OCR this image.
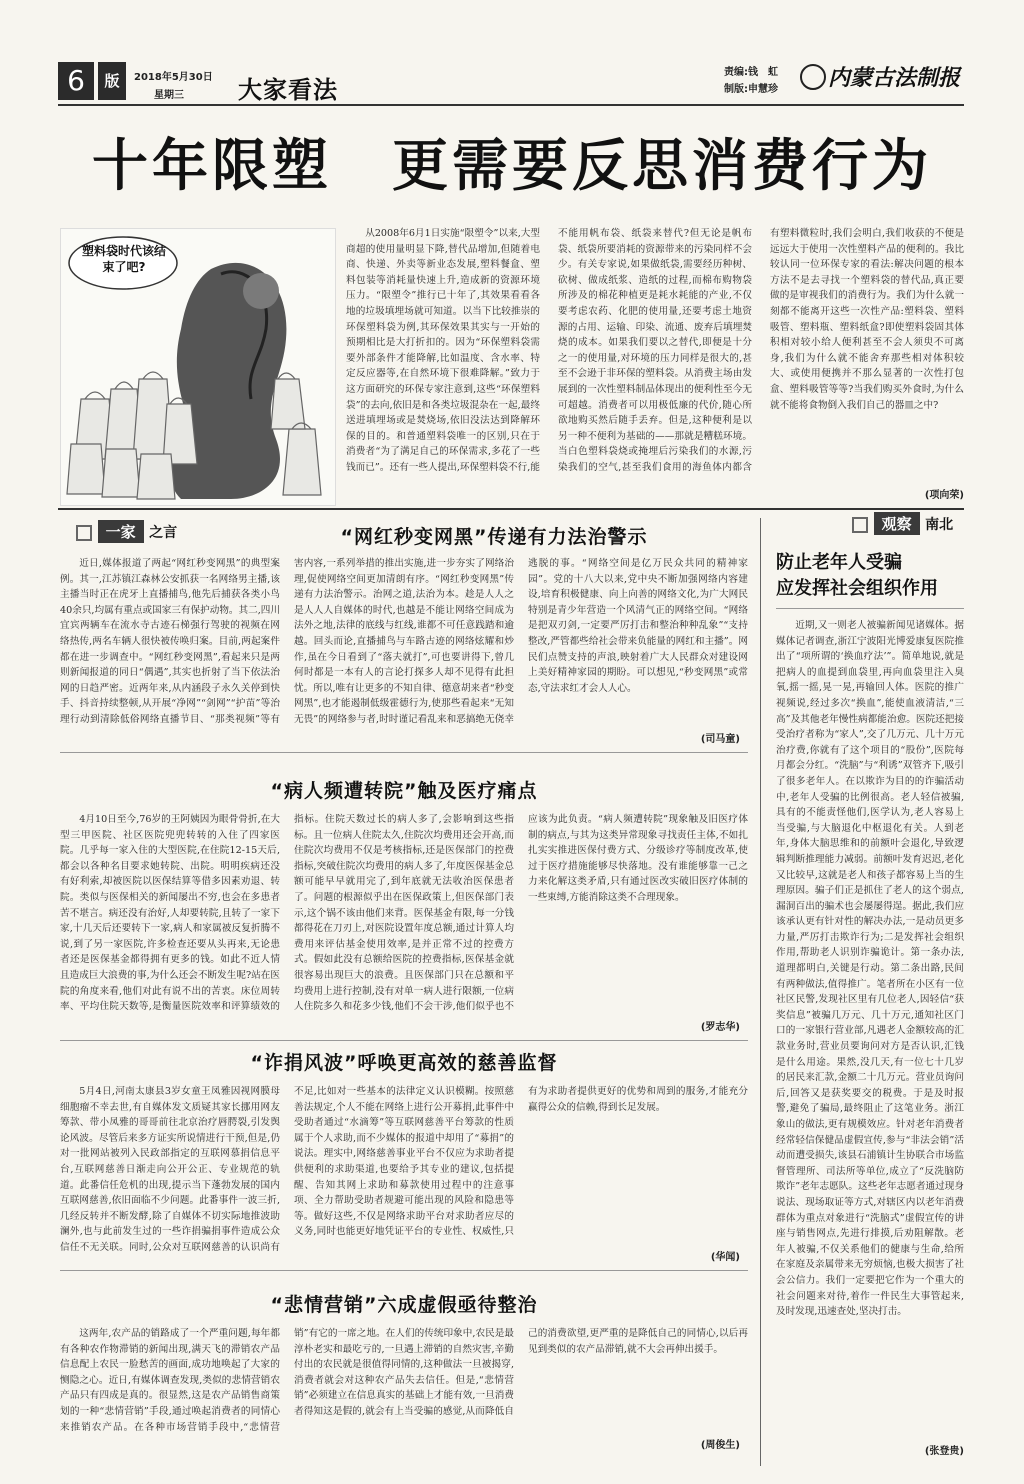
6	版	2018年5月30日
星期三 大家看法
责编:钱　虹
制版:申慧珍 内蒙古法制报
十年限塑　更需要反思消费行为
塑料袋时代该结束了吧?

从2008年6月1日实施“限塑令”以来,大型商超的使用量明显下降,替代品增加,但随着电商、快递、外卖等新业态发展,塑料餐盒、塑料包装等消耗量快速上升,造成新的资源环境压力。“限塑令”推行已十年了,其效果看看各地的垃圾填埋场就可知道。以当下比较推崇的环保塑料袋为例,其环保效果其实与一开始的预期相比是大打折扣的。因为“环保塑料袋需要外部条件才能降解,比如温度、含水率、特定反应器等,在自然环境下很难降解。”致力于这方面研究的环保专家注意到,这些“环保塑料袋”的去向,依旧是和各类垃圾混杂在一起,最终送进填埋场或是焚烧场,依旧没法达到降解环保的目的。和普通塑料袋唯一的区别,只在于消费者“为了满足自己的环保需求,多花了一些钱而已”。还有一些人提出,环保塑料袋不行,能不能用帆布袋、纸袋来替代?但无论是帆布袋、纸袋所要消耗的资源带来的污染同样不会少。有关专家说,如果做纸袋,需要经历种树、砍树、做成纸浆、造纸的过程,而棉布购物袋所涉及的棉花种植更是耗水耗能的产业,不仅要考虑农药、化肥的使用量,还要考虑土地资源的占用、运输、印染、流通、废弃后填埋焚烧的成本。如果我们要以之替代,即便是十分之一的使用量,对环境的压力同样是很大的,甚至不会逊于非环保的塑料袋。从消费主场由发展到的一次性塑料制品体现出的便利性至今无可超越。消费者可以用极低廉的代价,随心所欲地购买然后随手丢弃。但是,这种便利是以另一种不便利为基础的——那就是糟糕环境。当白色塑料袋烧或掩埋后污染我们的水源,污染我们的空气,甚至我们食用的海鱼体内都含有塑料微粒时,我们会明白,我们收获的不便是远远大于使用一次性塑料产品的便利的。我比较认同一位环保专家的看法:解决问题的根本方法不是去寻找一个塑料袋的替代品,真正要做的是审视我们的消费行为。我们为什么就一刻都不能离开这些一次性产品:塑料袋、塑料吸管、塑料瓶、塑料纸盒?即使塑料袋固其体积相对较小给人便利甚至不会人须臾不可离身,我们为什么就不能舍弃那些相对体积较大、或使用便携并不那么显著的一次性打包盒、塑料吸管等等?当我们购买外食时,为什么就不能将食物倒入我们自己的器皿之中?

(项向荣)
一家 之言	“网红秒变网黑”传递有力法治警示

近日,媒体报道了两起“网红秒变网黑”的典型案例。其一,江苏镇江森林公安抓获一名网络男主播,该主播当时正在虎牙上直播捕鸟,他先后捕获各类小鸟40余只,均属有重点或国家三有保护动物。其二,四川宜宾两辆车在流水寺古迹石梯强行驾驶的视频在网络热传,两名车辆人很快被传唤归案。目前,两起案件都在进一步调查中。“网红秒变网黑”,看起来只是两则新闻报道的同日“偶遇”,其实也折射了当下依法治网的日趋严密。近两年来,从内涵段子永久关停到快手、抖音持续整顿,从开展“净网”“剑网”“护苗”等治理行动到清除低俗网络直播节目、“那类视频”等有害内容,一系列举措的推出实施,进一步夯实了网络治理,促使网络空间更加清朗有序。“网红秒变网黑”传递有力法治警示。治网之道,法治为本。趁是人人之是人人人自媒体的时代,也越是不能让网络空间成为法外之地,法律的底线与红线,谁都不可任意践踏和逾越。回头而论,直播捕鸟与车路古迹的网络炫耀和炒作,虽在今日看到了“落夫就打”,可也要讲得下,曾几何时都是一本有人的言论打探多人却不见得有此担忧。所以,唯有让更多的不知自律、德意胡来者“秒变网黑”,也才能遏制低级霍德行为,使那些看起来“无知无畏”的网络参与者,时时谨记看乱来和恶搞绝无侥幸逃脱的事。“网络空间是亿万民众共同的精神家园”。党的十八大以来,党中央不断加强网络内容建设,培育积极健康、向上向善的网络文化,为广大网民特别是青少年营造一个风清气正的网络空间。“网络是把双刃剑,一定要严厉打击和整治种种乱象”“支持整改,严管都些给社会带来负能量的网红和主播”。网民们点赞支持的声浪,映射着广大人民群众对建设网上美好精神家园的期盼。可以想见,“秒变网黑”或常态,守法求红才会人人心。

(司马童)
“病人频遭转院”触及医疗痛点

4月10日至今,76岁的王阿姨因为眼骨骨折,在大型三甲医院、社区医院兜兜转转的入住了四家医院。几乎每一家入住的大型医院,在住院12-15天后,都会以各种名目要求她转院、出院。明明疾病还没有好利索,却被医院以医保结算等借多因素劝退、转院。类似与医保相关的新闻屡出不穷,也会在多患者苦不堪言。病还没有治好,人却要转院,且转了一家下家,十几天后还要转下一家,病人和家属被反复折腾不说,到了另一家医院,许多检查还要从头再来,无论患者还是医保基金都得拥有更多的钱。如此不近人情且造成巨大浪费的事,为什么还会不断发生呢?站在医院的角度来看,他们对此有说不出的苦衷。床位周转率、平均住院天数等,是衡量医院效率和评算绩效的指标。住院天数过长的病人多了,会影响到这些指标。且一位病人住院太久,住院次均费用还会开高,而住院次均费用不仅是考核指标,还是医保部门的控费指标,突破住院次均费用的病人多了,年度医保基金总额可能早早就用完了,到年底就无法收治医保患者了。问题的根源似乎出在医保政策上,但医保部门表示,这个锅不该由他们来背。医保基金有限,每一分钱都得花在刀刃上,对医院设置年度总额,通过计算人均费用来评估基金使用效率,是并正常不过的控费方式。假如此没有总额给医院的控费指标,医保基金就很容易出现巨大的浪费。且医保部门只在总额和平均费用上进行控制,没有对单一病人进行限额,一位病人住院多久和花多少钱,他们不会干涉,他们似乎也不应该为此负责。“病人频遭转院”现象触及旧医疗体制的病点,与其为这类异常现象寻找责任主体,不如扎扎实实推进医保付费方式、分级诊疗等制度改革,使过于医疗措施能够尽快落地。没有谁能够靠一己之力来化解这类矛盾,只有通过医改实破旧医疗体制的一些束缚,方能消除这类不合理现象。

(罗志华)
“诈捐风波”呼唤更高效的慈善监督

5月4日,河南太康县3岁女童王凤雅因视网膜母细胞瘤不幸去世,有自媒体发文质疑其家长挪用网友筹款、带小凤雅的哥哥前往北京治疗唇腭裂,引发舆论风波。尽管后来多方证实所说情进行干预,但是,仍对一批网站被列入民政部指定的互联网慕捐信息平台,互联网慈善日渐走向公开公正、专业规范的轨道。此番信任危机的出现,提示当下蓬勃发展的国内互联网慈善,依旧面临不少问题。此番事件一波三折,几经反转并不断发酵,除了自媒体不切实际地推波助澜外,也与此前发生过的一些诈捐骗捐事件造成公众信任不无关联。同时,公众对互联网慈善的认识尚有不足,比如对一些基本的法律定义认识模糊。按照慈善法规定,个人不能在网络上进行公开募捐,此事件中受助者通过“水滴筹”等互联网慈善平台筹款的性质属于个人求助,而不少媒体的报道中却用了“募捐”的说法。理实中,网络慈善事业平台不仅应为求助者提供便利的求助渠道,也要给予其专业的建议,包括提醒、告知其网上求助和募款使用过程中的注意事项、全力帮助受助者规避可能出现的风险和隐患等等。做好这些,不仅是网络求助平台对求助者应尽的义务,同时也能更好地凭证平台的专业性、权威性,只有为求助者提供更好的优势和周到的服务,才能充分赢得公众的信赖,得到长足发展。

(华闻)
“悲情营销”六成虚假亟待整治

这两年,农产品的销路成了一个严重问题,每年都有各种农作物滞销的新闻出现,满天飞的滞销农产品信息配上农民一脸愁苦的画面,成功地唤起了大家的恻隐之心。近日,有媒体调查发现,类似的悲情营销农产品只有四成是真的。很显然,这是农产品销售商策划的一种“悲情营销”手段,通过唤起消费者的同情心来推销农产品。在各种市场营销手段中,“悲情营销”有它的一席之地。在人们的传统印象中,农民是最淳朴老实和最吃亏的,一旦遇上滞销的自然灾害,辛勤付出的农民就是很值得同情的,这种做法一旦被揭穿,消费者就会对这种农产品失去信任。但是,“悲情营销”必须建立在信息真实的基础上才能有效,一旦消费者得知这是假的,就会有上当受骗的感觉,从而降低自己的消费欲望,更严重的是降低自己的同情心,以后再见到类似的农产品滞销,就不大会再伸出援手。

(周俊生)
观察 南北
防止老年人受骗
应发挥社会组织作用

近期,又一则老人被骗新闻见诸媒体。据媒体记者调查,浙江宁波阳光博爱康复医院推出了“项所谓的‘换血疗法’”。简单地说,就是把病人的血提到血袋里,再向血袋里注入臭氧,摇一摇,晃一晃,再输回人体。医院的推广视频说,经过多次“换血”,能使血液清洁,“三高”及其他老年慢性病都能治愈。医院还把接受治疗者称为“家人”,交了几万元、几十万元治疗费,你就有了这个项目的“股份”,医院每月都会分红。“洗脑”与“利诱”双管齐下,吸引了很多老年人。在以欺诈为目的的诈骗活动中,老年人受骗的比例很高。老人轻信被骗,具有的不能责怪他们,医学认为,老人容易上当受骗,与大脑退化中枢退化有关。人到老年,身体大脑思维和的前额叶会退化,导致逻辑判断推理能力减弱。前额叶发育迟迟,老化又比较早,这就是老人和孩子都容易上当的生理原因。骗子们正是抓住了老人的这个弱点,漏洞百出的骗术也会屡屡得逞。据此,我们应该承认更有针对性的解决办法,一是动员更多力量,严厉打击欺诈行为;二是发挥社会组织作用,帮助老人识别诈骗诡计。第一条办法,道理都明白,关键是行动。第二条出路,民间有两种做法,值得推广。笔者所在小区有一位社区民警,发现社区里有几位老人,因轻信“获奖信息”被骗几万元、几十万元,通知社区门口的一家银行营业部,凡遇老人金额较高的汇款业务时,营业员要询问对方是否认识,汇钱是什么用途。果然,没几天,有一位七十几岁的居民来汇款,金额二十几万元。营业员询问后,回答又是获奖要交的税费。于是及时报警,避免了骗局,最终阻止了这笔业务。浙江象山的做法,更有规模效应。针对老年消费者经常轻信保健品虚假宣传,参与“非法会销”活动而遭受损失,该县石浦镇计生协联合市场监督管理所、司法所等单位,成立了“反洗脑防欺诈”老年志愿队。这些老年志愿者通过现身说法、现场取证等方式,对辖区内以老年消费群体为重点对象进行“洗脑式”虚假宣传的讲座与销售网点,先进行排摸,后劝阻解散。老年人被骗,不仅关系他们的健康与生命,给所在家庭及亲属带来无穷烦恼,也极大损害了社会公信力。我们一定要把它作为一个重大的社会问题来对待,着作一件民生大事管起来,及时发现,迅速查处,坚决打击。

(张登贵)
